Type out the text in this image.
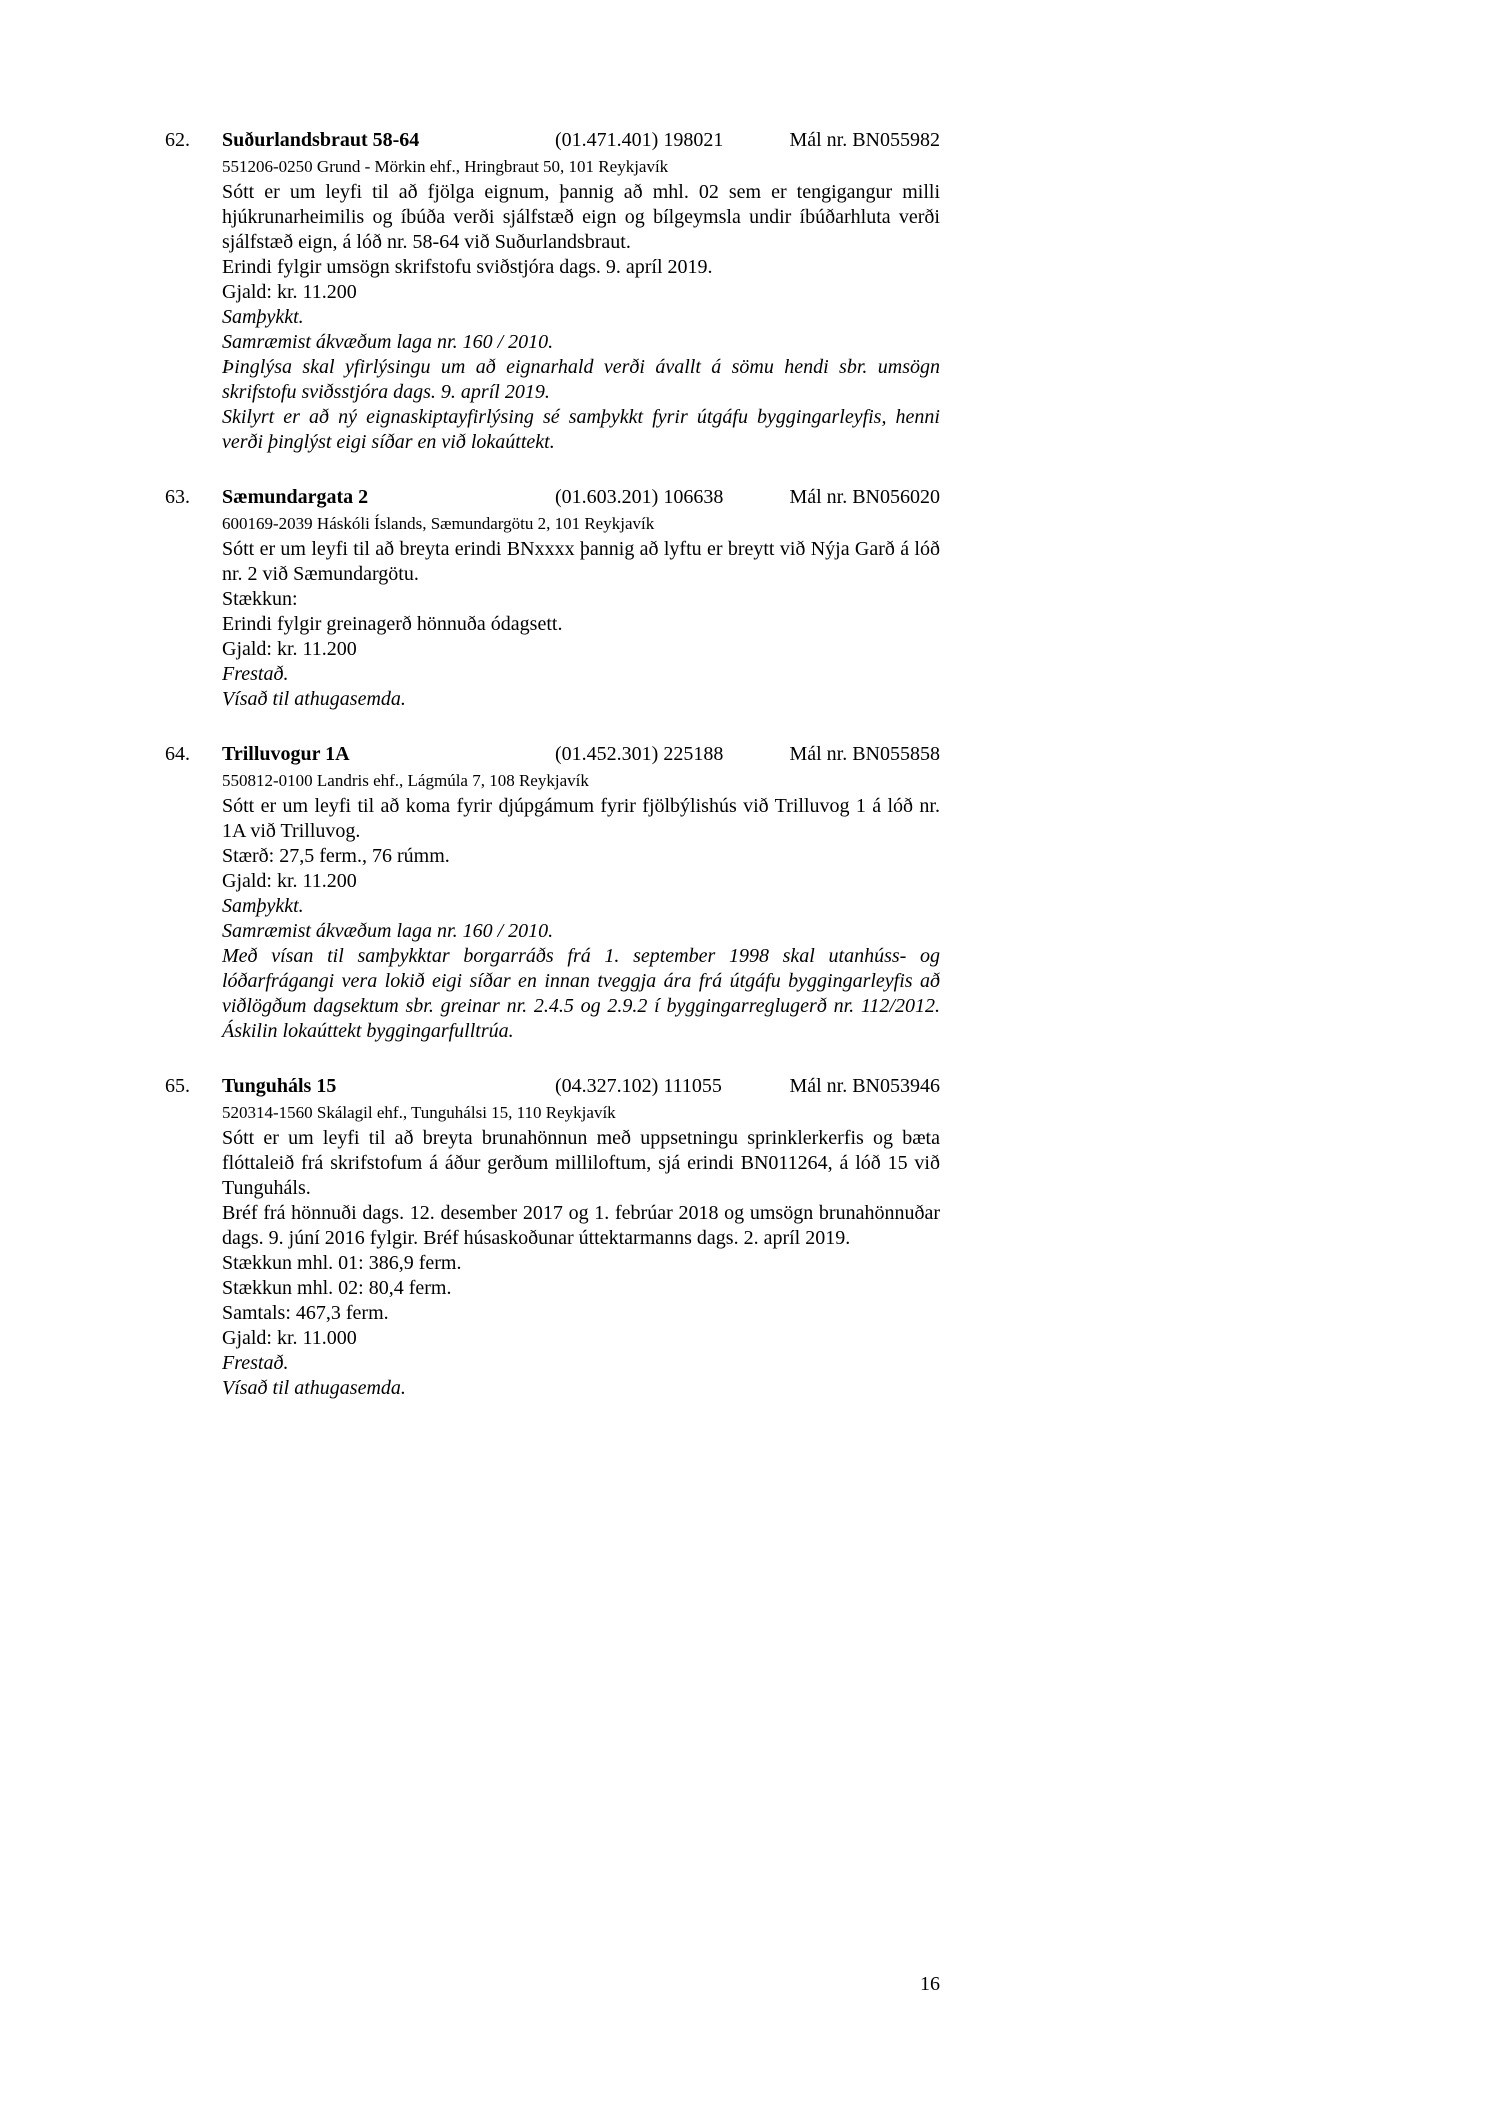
62. Suðurlandsbraut 58-64	(01.471.401) 198021	Mál nr. BN055982

551206-0250 Grund - Mörkin ehf., Hringbraut 50, 101 Reykjavík

Sótt er um leyfi til að fjölga eignum, þannig að mhl. 02 sem er tengigangur milli hjúkrunarheimilis og íbúða verði sjálfstæð eign og bílgeymsla undir íbúðarhluta verði sjálfstæð eign, á lóð nr. 58-64 við Suðurlandsbraut.

Erindi fylgir umsögn skrifstofu sviðstjóra dags. 9. apríl 2019.

Gjald: kr. 11.200

Samþykkt.

Samræmist ákvæðum laga nr. 160 / 2010.

Þinglýsa skal yfirlýsingu um að eignarhald verði ávallt á sömu hendi sbr. umsögn skrifstofu sviðsstjóra dags. 9. apríl 2019.

Skilyrt er að ný eignaskiptayfirlýsing sé samþykkt fyrir útgáfu byggingarleyfis, henni verði þinglýst eigi síðar en við lokaúttekt.

63. Sæmundargata 2	(01.603.201) 106638	Mál nr. BN056020

600169-2039 Háskóli Íslands, Sæmundargötu 2, 101 Reykjavík

Sótt er um leyfi til að breyta erindi BNxxxx þannig að lyftu er breytt við Nýja Garð á lóð nr. 2 við Sæmundargötu.

Stækkun:

Erindi fylgir greinagerð hönnuða ódagsett.

Gjald: kr. 11.200

Frestað.

Vísað til athugasemda.

64. Trilluvogur 1A	(01.452.301) 225188	Mál nr. BN055858

550812-0100 Landris ehf., Lágmúla 7, 108 Reykjavík

Sótt er um leyfi til að koma fyrir djúpgámum fyrir fjölbýlishús við Trilluvog 1 á lóð nr. 1A við Trilluvog.

Stærð: 27,5 ferm., 76 rúmm.

Gjald: kr. 11.200

Samþykkt.

Samræmist ákvæðum laga nr. 160 / 2010.

Með vísan til samþykktar borgarráðs frá 1. september 1998 skal utanhúss- og lóðarfrágangi vera lokið eigi síðar en innan tveggja ára frá útgáfu byggingarleyfis að viðlögðum dagsektum sbr. greinar nr. 2.4.5 og 2.9.2 í byggingarreglugerð nr. 112/2012. Áskilin lokaúttekt byggingarfulltrúa.

65. Tunguháls 15	(04.327.102) 111055	Mál nr. BN053946

520314-1560 Skálagil ehf., Tunguhálsi 15, 110 Reykjavík

Sótt er um leyfi til að breyta brunahönnun með uppsetningu sprinklerkerfis og bæta flóttaleið frá skrifstofum á áður gerðum milliloftum, sjá erindi BN011264, á lóð 15 við Tunguháls.

Bréf frá hönnuði dags. 12. desember 2017 og 1. febrúar 2018 og umsögn brunahönnuðar dags. 9. júní 2016 fylgir. Bréf húsaskoðunar úttektarmanns dags. 2. apríl 2019.

Stækkun mhl. 01: 386,9 ferm.

Stækkun mhl. 02: 80,4 ferm.

Samtals: 467,3 ferm.

Gjald: kr. 11.000

Frestað.

Vísað til athugasemda.

16
